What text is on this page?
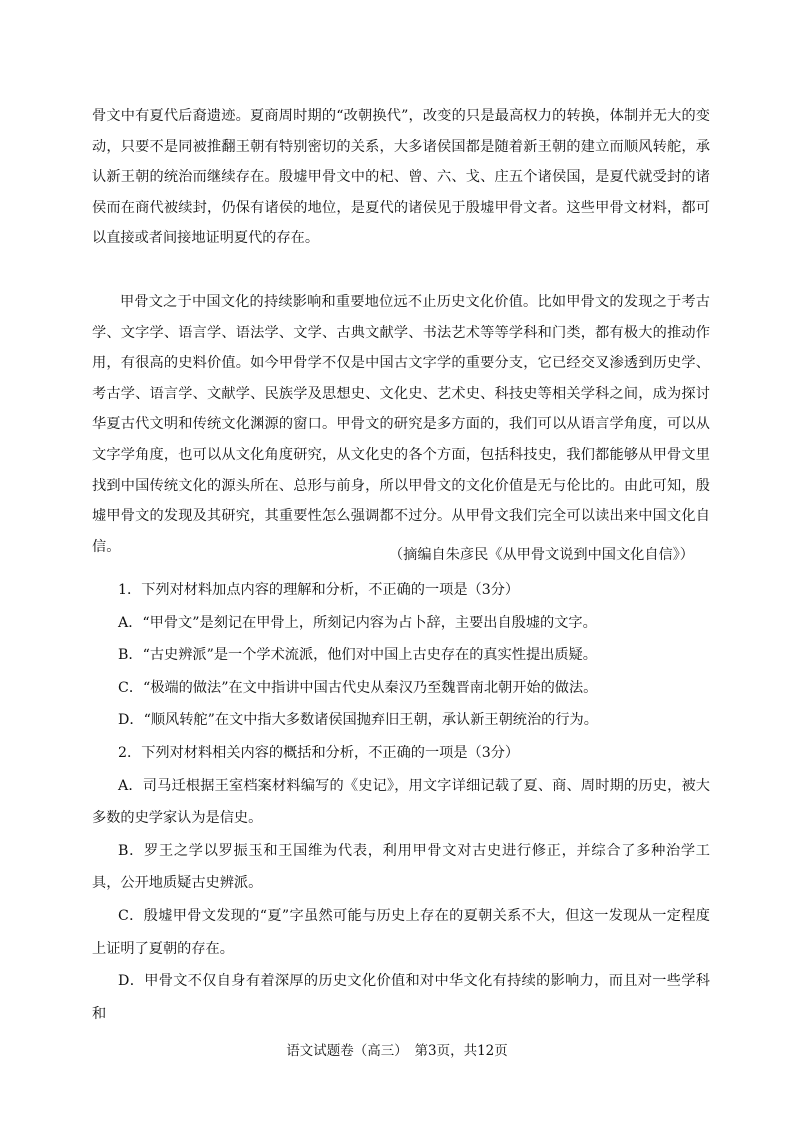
骨文中有夏代后裔遗迹。夏商周时期的“改朝换代”，改变的只是最高权力的转换，体制并无大的变动，只要不是同被推翻王朝有特别密切的关系，大多诸侯国都是随着新王朝的建立而顺风转舵，承认新王朝的统治而继续存在。殷墟甲骨文中的杞、曾、六、戈、庄五个诸侯国，是夏代就受封的诸侯而在商代被续封，仍保有诸侯的地位，是夏代的诸侯见于殷墟甲骨文者。这些甲骨文材料，都可以直接或者间接地证明夏代的存在。

甲骨文之于中国文化的持续影响和重要地位远不止历史文化价值。比如甲骨文的发现之于考古学、文字学、语言学、语法学、文学、古典文献学、书法艺术等等学科和门类，都有极大的推动作用，有很高的史料价值。如今甲骨学不仅是中国古文字学的重要分支，它已经交叉渗透到历史学、考古学、语言学、文献学、民族学及思想史、文化史、艺术史、科技史等相关学科之间，成为探讨华夏古代文明和传统文化渊源的窗口。甲骨文的研究是多方面的，我们可以从语言学角度，可以从文字学角度，也可以从文化角度研究，从文化史的各个方面，包括科技史，我们都能够从甲骨文里找到中国传统文化的源头所在、总形与前身，所以甲骨文的文化价值是无与伦比的。由此可知，殷墟甲骨文的发现及其研究，其重要性怎么强调都不过分。从甲骨文我们完全可以读出来中国文化自信。

（摘编自朱彦民《从甲骨文说到中国文化自信》）

1．下列对材料加点内容的理解和分析，不正确的一项是（3分）

A．“甲骨文”是刻记在甲骨上，所刻记内容为占卜辞，主要出自殷墟的文字。

B．“古史辨派”是一个学术流派，他们对中国上古史存在的真实性提出质疑。

C．“极端的做法”在文中指讲中国古代史从秦汉乃至魏晋南北朝开始的做法。

D．“顺风转舵”在文中指大多数诸侯国抛弃旧王朝，承认新王朝统治的行为。

2．下列对材料相关内容的概括和分析，不正确的一项是（3分）

A．司马迁根据王室档案材料编写的《史记》，用文字详细记载了夏、商、周时期的历史，被大多数的史学家认为是信史。

B．罗王之学以罗振玉和王国维为代表，利用甲骨文对古史进行修正，并综合了多种治学工具，公开地质疑古史辨派。

C．殷墟甲骨文发现的“夏”字虽然可能与历史上存在的夏朝关系不大，但这一发现从一定程度上证明了夏朝的存在。

D．甲骨文不仅自身有着深厚的历史文化价值和对中华文化有持续的影响力，而且对一些学科和

语文试题卷（高三）　第3页，共12页
